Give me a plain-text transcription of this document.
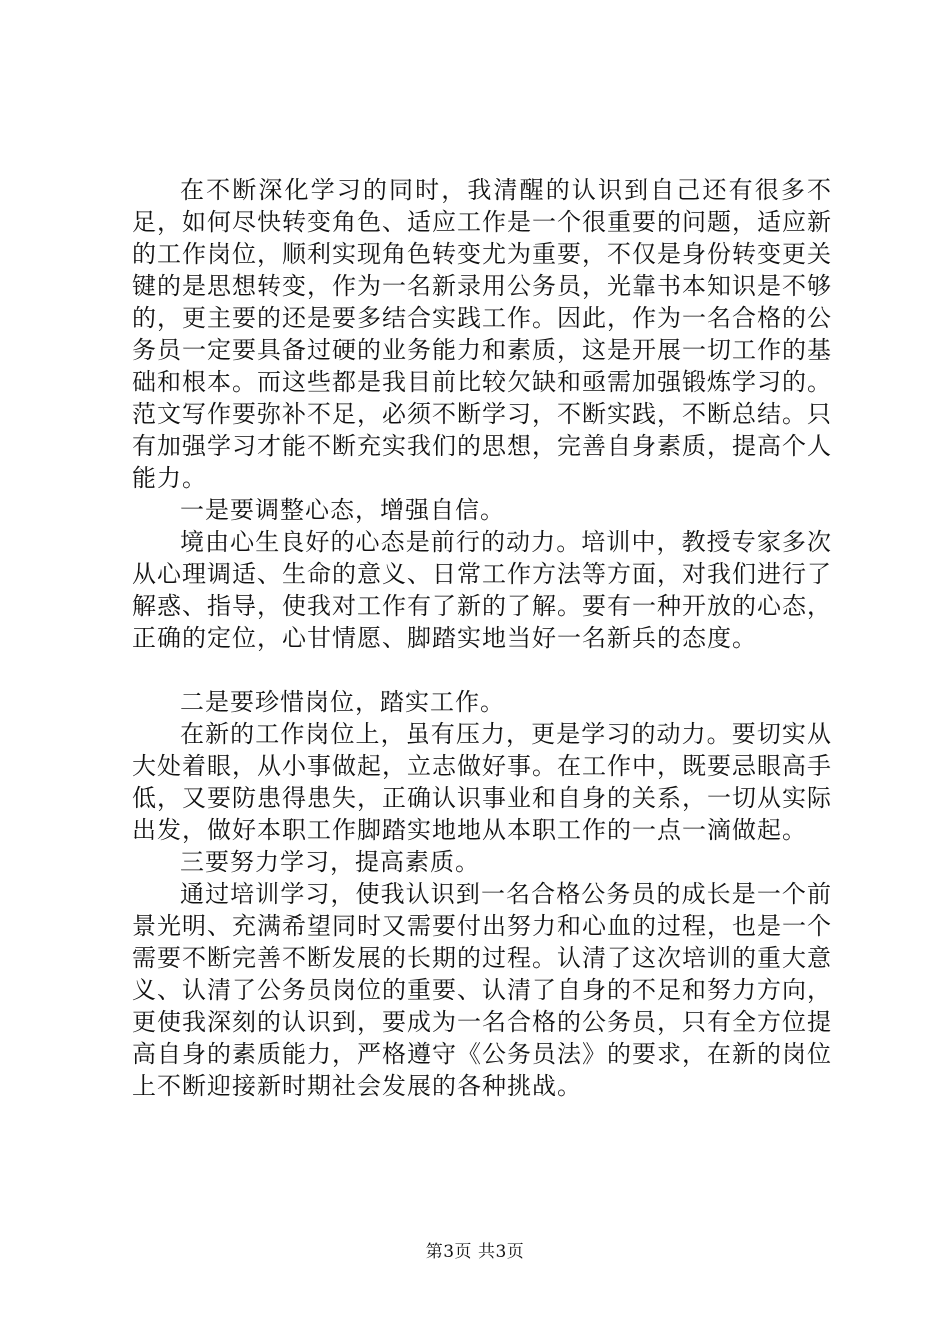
在不断深化学习的同时，我清醒的认识到自己还有很多不足，如何尽快转变角色、适应工作是一个很重要的问题，适应新的工作岗位，顺利实现角色转变尤为重要，不仅是身份转变更关键的是思想转变，作为一名新录用公务员，光靠书本知识是不够的，更主要的还是要多结合实践工作。因此，作为一名合格的公务员一定要具备过硬的业务能力和素质，这是开展一切工作的基础和根本。而这些都是我目前比较欠缺和亟需加强锻炼学习的。范文写作要弥补不足，必须不断学习，不断实践，不断总结。只有加强学习才能不断充实我们的思想，完善自身素质，提高个人能力。

一是要调整心态，增强自信。

境由心生良好的心态是前行的动力。培训中，教授专家多次从心理调适、生命的意义、日常工作方法等方面，对我们进行了解惑、指导，使我对工作有了新的了解。要有一种开放的心态，正确的定位，心甘情愿、脚踏实地当好一名新兵的态度。

二是要珍惜岗位，踏实工作。

在新的工作岗位上，虽有压力，更是学习的动力。要切实从大处着眼，从小事做起，立志做好事。在工作中，既要忌眼高手低，又要防患得患失，正确认识事业和自身的关系，一切从实际出发，做好本职工作脚踏实地地从本职工作的一点一滴做起。

三要努力学习，提高素质。

通过培训学习，使我认识到一名合格公务员的成长是一个前景光明、充满希望同时又需要付出努力和心血的过程，也是一个需要不断完善不断发展的长期的过程。认清了这次培训的重大意义、认清了公务员岗位的重要、认清了自身的不足和努力方向，更使我深刻的认识到，要成为一名合格的公务员，只有全方位提高自身的素质能力，严格遵守《公务员法》的要求，在新的岗位上不断迎接新时期社会发展的各种挑战。

第3页 共3页
